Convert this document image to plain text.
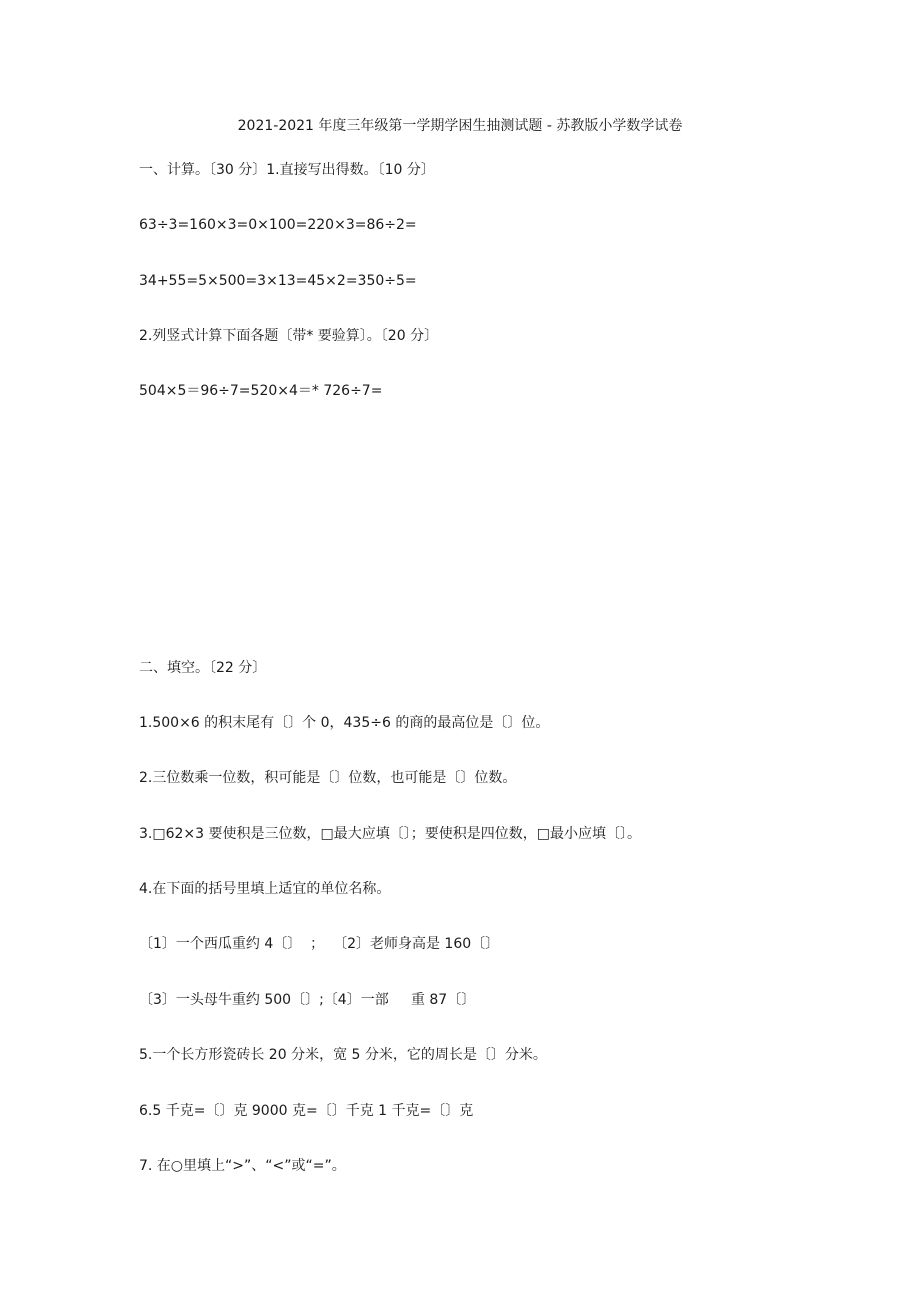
2021-2021 年度三年级第一学期学困生抽测试题 - 苏教版小学数学试卷
一、计算。〔30 分〕1.直接写出得数。〔10 分〕
63÷3=160×3=0×100=220×3=86÷2=
34+55=5×500=3×13=45×2=350÷5=
2.列竖式计算下面各题〔带* 要验算〕。〔20 分〕
504×5＝96÷7=520×4＝* 726÷7=
二、填空。〔22 分〕
1.500×6 的积末尾有〔〕个 0，435÷6 的商的最高位是〔〕位。
2.三位数乘一位数，积可能是〔〕位数，也可能是〔〕位数。
3.□62×3 要使积是三位数，□最大应填〔〕；要使积是四位数，□最小应填〔〕。
4.在下面的括号里填上适宜的单位名称。
〔1〕一个西瓜重约 4〔〕  ；  〔2〕老师身高是 160〔〕
〔3〕一头母牛重约 500〔〕;〔4〕一部     重 87〔〕
5.一个长方形瓷砖长 20 分米，宽 5 分米，它的周长是〔〕分米。
6.5 千克=〔〕克 9000 克=〔〕千克 1 千克=〔〕克
7. 在○里填上“>”、“<”或“=”。
